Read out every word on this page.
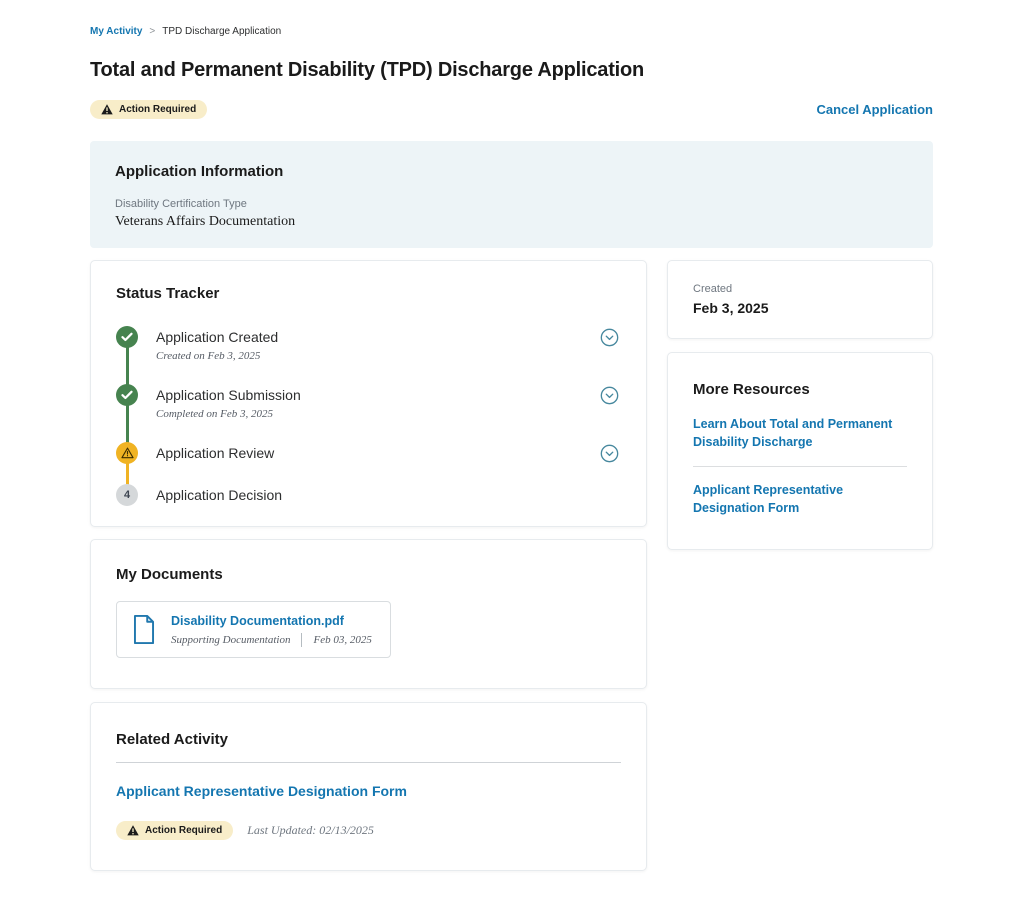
My Activity > TPD Discharge Application
Total and Permanent Disability (TPD) Discharge Application
Action Required	Cancel Application
Application Information
Disability Certification Type
Veterans Affairs Documentation
Status Tracker
Application Created
Created on Feb 3, 2025
Application Submission
Completed on Feb 3, 2025
Application Review
4	Application Decision
My Documents
Disability Documentation.pdf
Supporting Documentation Feb 03, 2025
Related Activity
Applicant Representative Designation Form
Action Required Last Updated: 02/13/2025
Created
Feb 3, 2025
More Resources
Learn About Total and Permanent Disability Discharge
Applicant Representative Designation Form
